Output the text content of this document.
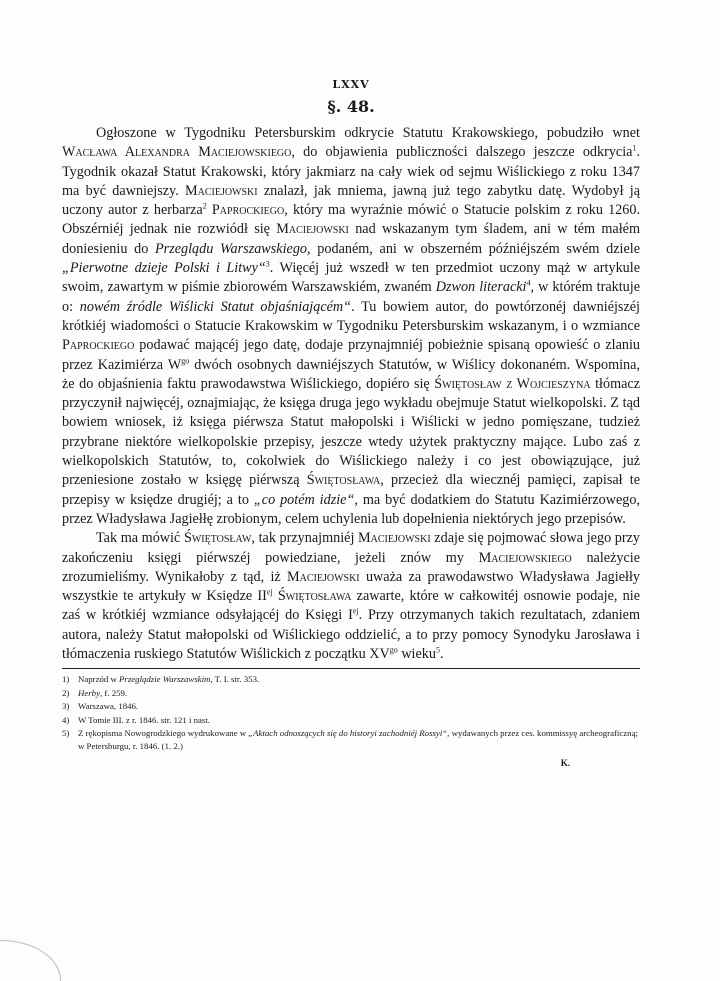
LXXV
§. 48.

Ogłoszone w Tygodniku Petersburskim odkrycie Statutu Krakowskiego, pobudziło wnet Wacława Alexandra Maciejowskiego, do objawienia publiczności dalszego jeszcze odkrycia$^1$. Tygodnik okazał Statut Krakowski, który jakmiarz na cały wiek od sejmu Wiślickiego z roku 1347 ma być dawniejszy. Maciejowski znalazł, jak mniema, jawną już tego zabytku datę. Wydobył ją uczony autor z herbarza$^2$ Paprockiego, który ma wyraźnie mówić o Statucie polskim z roku 1260. Obszérniéj jednak nie rozwiódł się Maciejowski nad wskazanym tym śladem, ani w tém małém doniesieniu do Przeglądu Warszawskiego, podaném, ani w obszerném późniéjszém swém dziele „Pierwotne dzieje Polski i Litwy“$^3$. Więcéj już wszedł w ten przedmiot uczony mąż w artykule swoim, zawartym w piśmie zbiorowém Warszawskiém, zwaném Dzwon literacki$^4$, w którém traktuje o: nowém źródle Wiślicki Statut objaśniającém“. Tu bowiem autor, do powtórzonéj dawniéjszéj krótkiéj wiadomości o Statucie Krakowskim w Tygodniku Petersburskim wskazanym, i o wzmiance Paprockiego podawać mającéj jego datę, dodaje przynajmniéj pobieżnie spisaną opowieść o zlaniu przez Kazimiérza $W^{go}$ dwóch osobnych dawniéjszych Statutów, w Wiślicy dokonaném. Wspomina, że do objaśnienia faktu prawodawstwa Wiślickiego, dopiéro się Świętosław z Wojcieszyna tłómacz przyczynił najwięcéj, oznajmiając, że księga druga jego wykładu obejmuje Statut wielkopolski. Z tąd bowiem wniosek, iż księga piérwsza Statut małopolski i Wiślicki w jedno pomięszane, tudzież przybrane niektóre wielkopolskie przepisy, jeszcze wtedy użytek praktyczny mające. Lubo zaś z wielkopolskich Statutów, to, cokolwiek do Wiślickiego należy i co jest obowiązujące, już przeniesione zostało w księgę piérwszą Świętosława, przecież dla wiecznéj pamięci, zapisał te przepisy w księdze drugiéj; a to „co potém idzie“, ma być dodatkiem do Statutu Kazimiérzowego, przez Władysława Jagiełłę zrobionym, celem uchylenia lub dopełnienia niektórych jego przepisów.

Tak ma mówić Świętosław, tak przynajmniéj Maciejowski zdaje się pojmować słowa jego przy zakończeniu księgi piérwszéj powiedziane, jeżeli znów my Maciejowskiego należycie zrozumieliśmy. Wynikałoby z tąd, iż Maciejowski uważa za prawodawstwo Władysława Jagiełły wszystkie te artykuły w Księdze $II^{ej}$ Świętosława zawarte, które w całkowitéj osnowie podaje, nie zaś w krótkiéj wzmiance odsyłającéj do Księgi $I^{ej}$. Przy otrzymanych takich rezultatach, zdaniem autora, należy Statut małopolski od Wiślickiego oddzielić, a to przy pomocy Synodyku Jarosława i tłómaczenia ruskiego Statutów Wiślickich z początku $XV^{go}$ wieku$^5$.

1) Naprzód w Przeglądzie Warszawskim, T. I. str. 353.
2) Herby, f. 259.
3) Warszawa, 1846.
4) W Tomie III. z r. 1846. str. 121 i nast.
5) Z rękopisma Nowogrodzkiego wydrukowane w „Aktach odnoszących się do historyi zachodniéj Rossyi“, wydawanych przez ces. kommissyę archeograficzną; w Petersburgu, r. 1846. (1. 2.)
K.
